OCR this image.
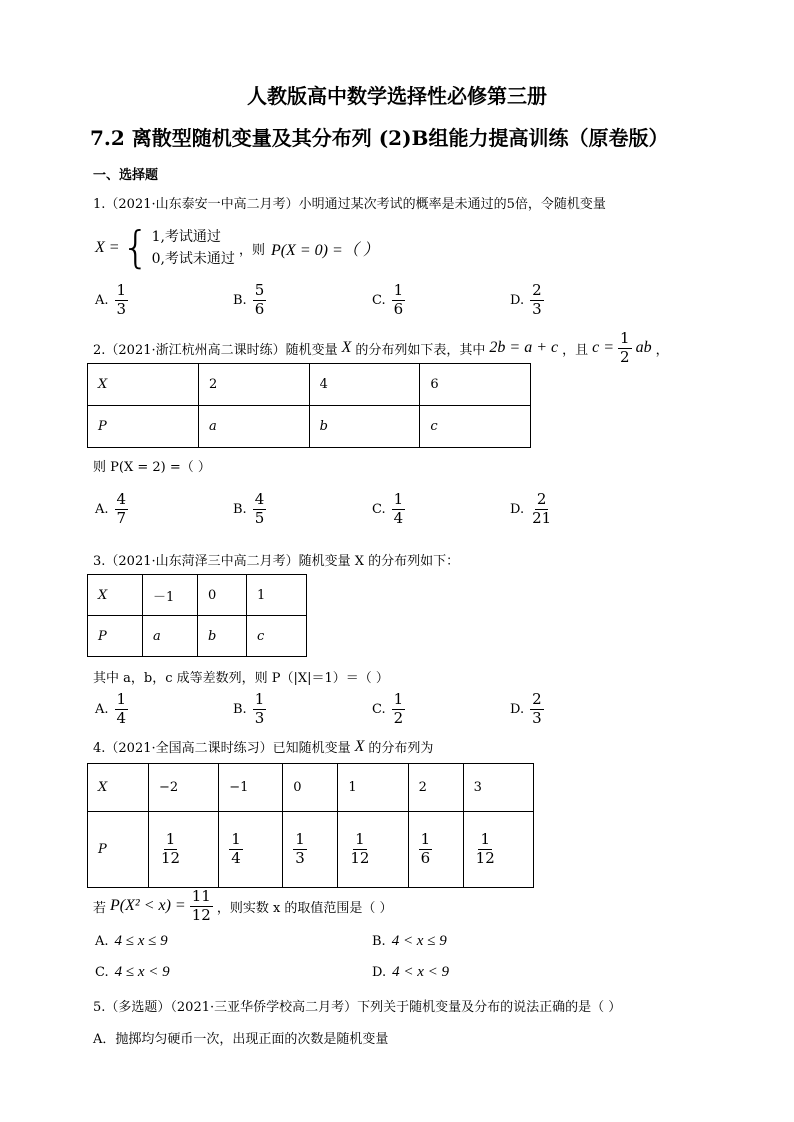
人教版高中数学选择性必修第三册
7.2 离散型随机变量及其分布列 (2)B组能力提高训练（原卷版）
一、选择题
1.（2021·山东泰安一中高二月考）小明通过某次考试的概率是未通过的5倍，令随机变量
X = { 1,考试通过
0,考试未通过
，则 P(X = 0) =（ ）
A. $\frac{1}{3}$	B. $\frac{5}{6}$	C. $\frac{1}{6}$	D. $\frac{2}{3}$
2.（2021·浙江杭州高二课时练）随机变量 X 的分布列如下表，其中 2b = a + c ，且 $c = \frac{1}{2}$ ab ，
X	2	4	6
P	a	b	c
则 P(X = 2) =（ ）
A. $\frac{4}{7}$	B. $\frac{4}{5}$	C. $\frac{1}{4}$	D. $\frac{2}{21}$
3.（2021·山东菏泽三中高二月考）随机变量 X 的分布列如下：
X	－1	0	1
P	a	b	c
其中 a，b，c 成等差数列，则 P（|X|＝1）＝（ ）
A. $\frac{1}{4}$	B. $\frac{1}{3}$	C. $\frac{1}{2}$	D. $\frac{2}{3}$
4.（2021·全国高二课时练习）已知随机变量 X 的分布列为
X	−2	−1	0	1	2	3
P	$\frac{1}{12}$	$\frac{1}{4}$	$\frac{1}{3}$	$\frac{1}{12}$	$\frac{1}{6}$	$\frac{1}{12}$
若 $P(X^2 < x) = \frac{11}{12}$ ，则实数 x 的取值范围是（ ）
A. 4 ≤ x ≤ 9	B. 4 < x ≤ 9
C. 4 ≤ x < 9	D. 4 < x < 9
5.（多选题）（2021·三亚华侨学校高二月考）下列关于随机变量及分布的说法正确的是（ ）
A．抛掷均匀硬币一次，出现正面的次数是随机变量
